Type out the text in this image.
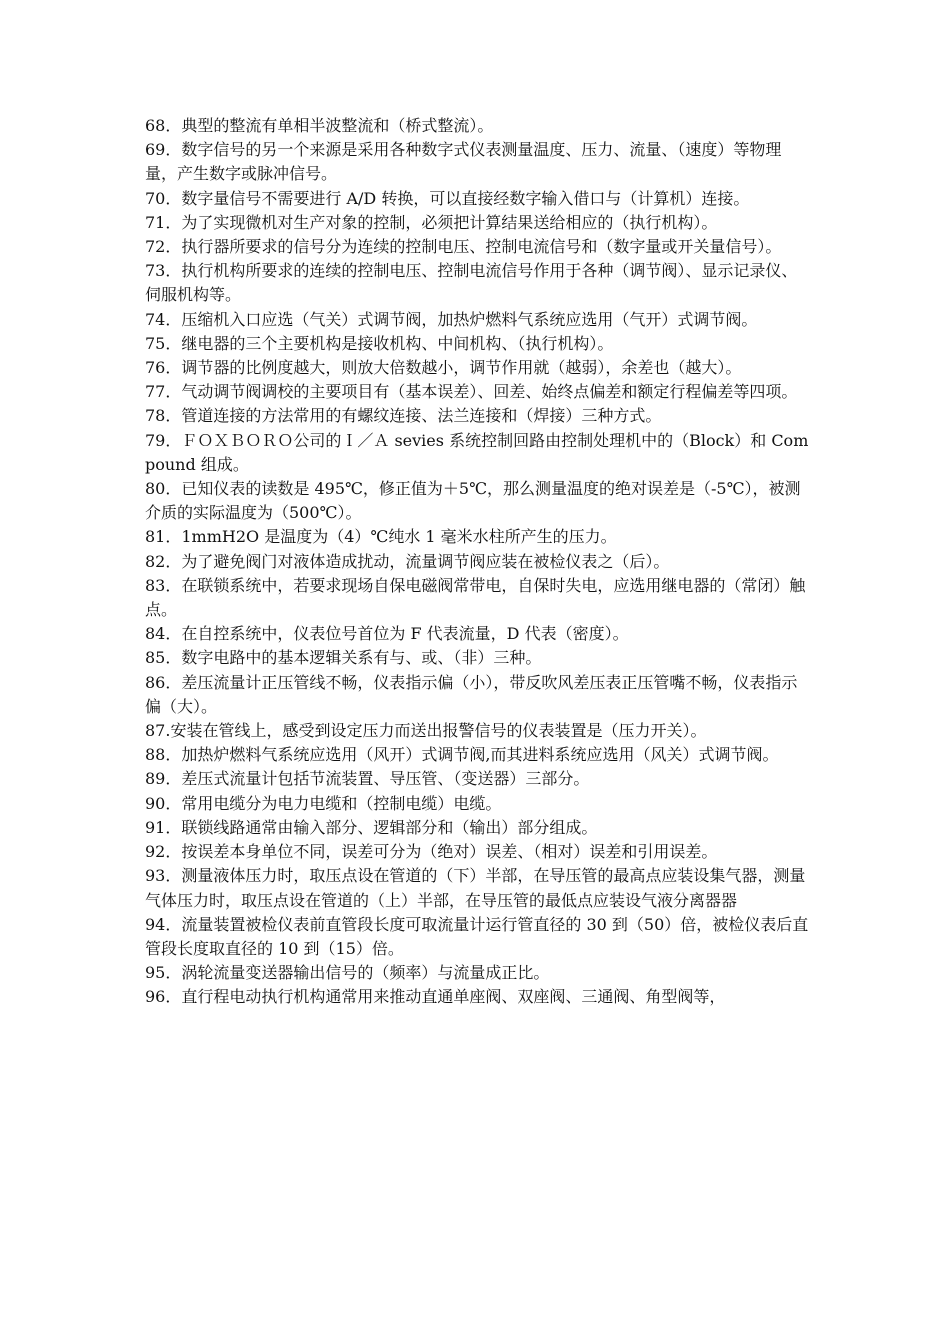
68．典型的整流有单相半波整流和（桥式整流）。

69．数字信号的另一个来源是采用各种数字式仪表测量温度、压力、流量、（速度）等物理量，产生数字或脉冲信号。

70．数字量信号不需要进行 A/D 转换，可以直接经数字输入借口与（计算机）连接。

71．为了实现微机对生产对象的控制，必须把计算结果送给相应的（执行机构）。

72．执行器所要求的信号分为连续的控制电压、控制电流信号和（数字量或开关量信号）。

73．执行机构所要求的连续的控制电压、控制电流信号作用于各种（调节阀）、显示记录仪、伺服机构等。

74．压缩机入口应选（气关）式调节阀，加热炉燃料气系统应选用（气开）式调节阀。

75．继电器的三个主要机构是接收机构、中间机构、（执行机构）。

76．调节器的比例度越大，则放大倍数越小，调节作用就（越弱），余差也（越大）。

77．气动调节阀调校的主要项目有（基本误差）、回差、始终点偏差和额定行程偏差等四项。

78．管道连接的方法常用的有螺纹连接、法兰连接和（焊接）三种方式。

79．ＦＯＸＢＯＲＯ公司的Ｉ／Ａ sevies 系统控制回路由控制处理机中的（Block）和 Compound 组成。

80．已知仪表的读数是 495℃，修正值为＋5℃，那么测量温度的绝对误差是（-5℃），被测介质的实际温度为（500℃）。

81．1mmH2O 是温度为（4）℃纯水 1 毫米水柱所产生的压力。

82．为了避免阀门对液体造成扰动，流量调节阀应装在被检仪表之（后）。

83．在联锁系统中，若要求现场自保电磁阀常带电，自保时失电，应选用继电器的（常闭）触点。

84．在自控系统中，仪表位号首位为 F 代表流量，D 代表（密度）。

85．数字电路中的基本逻辑关系有与、或、（非）三种。

86．差压流量计正压管线不畅，仪表指示偏（小），带反吹风差压表正压管嘴不畅，仪表指示偏（大）。

87.安装在管线上，感受到设定压力而送出报警信号的仪表装置是（压力开关）。

88．加热炉燃料气系统应选用（风开）式调节阀,而其进料系统应选用（风关）式调节阀。

89．差压式流量计包括节流装置、导压管、（变送器）三部分。

90．常用电缆分为电力电缆和（控制电缆）电缆。

91．联锁线路通常由输入部分、逻辑部分和（输出）部分组成。

92．按误差本身单位不同，误差可分为（绝对）误差、（相对）误差和引用误差。

93．测量液体压力时，取压点设在管道的（下）半部，在导压管的最高点应装设集气器，测量气体压力时，取压点设在管道的（上）半部，在导压管的最低点应装设气液分离器器

94．流量装置被检仪表前直管段长度可取流量计运行管直径的 30 到（50）倍，被检仪表后直管段长度取直径的 10 到（15）倍。

95．涡轮流量变送器输出信号的（频率）与流量成正比。

96．直行程电动执行机构通常用来推动直通单座阀、双座阀、三通阀、角型阀等，
